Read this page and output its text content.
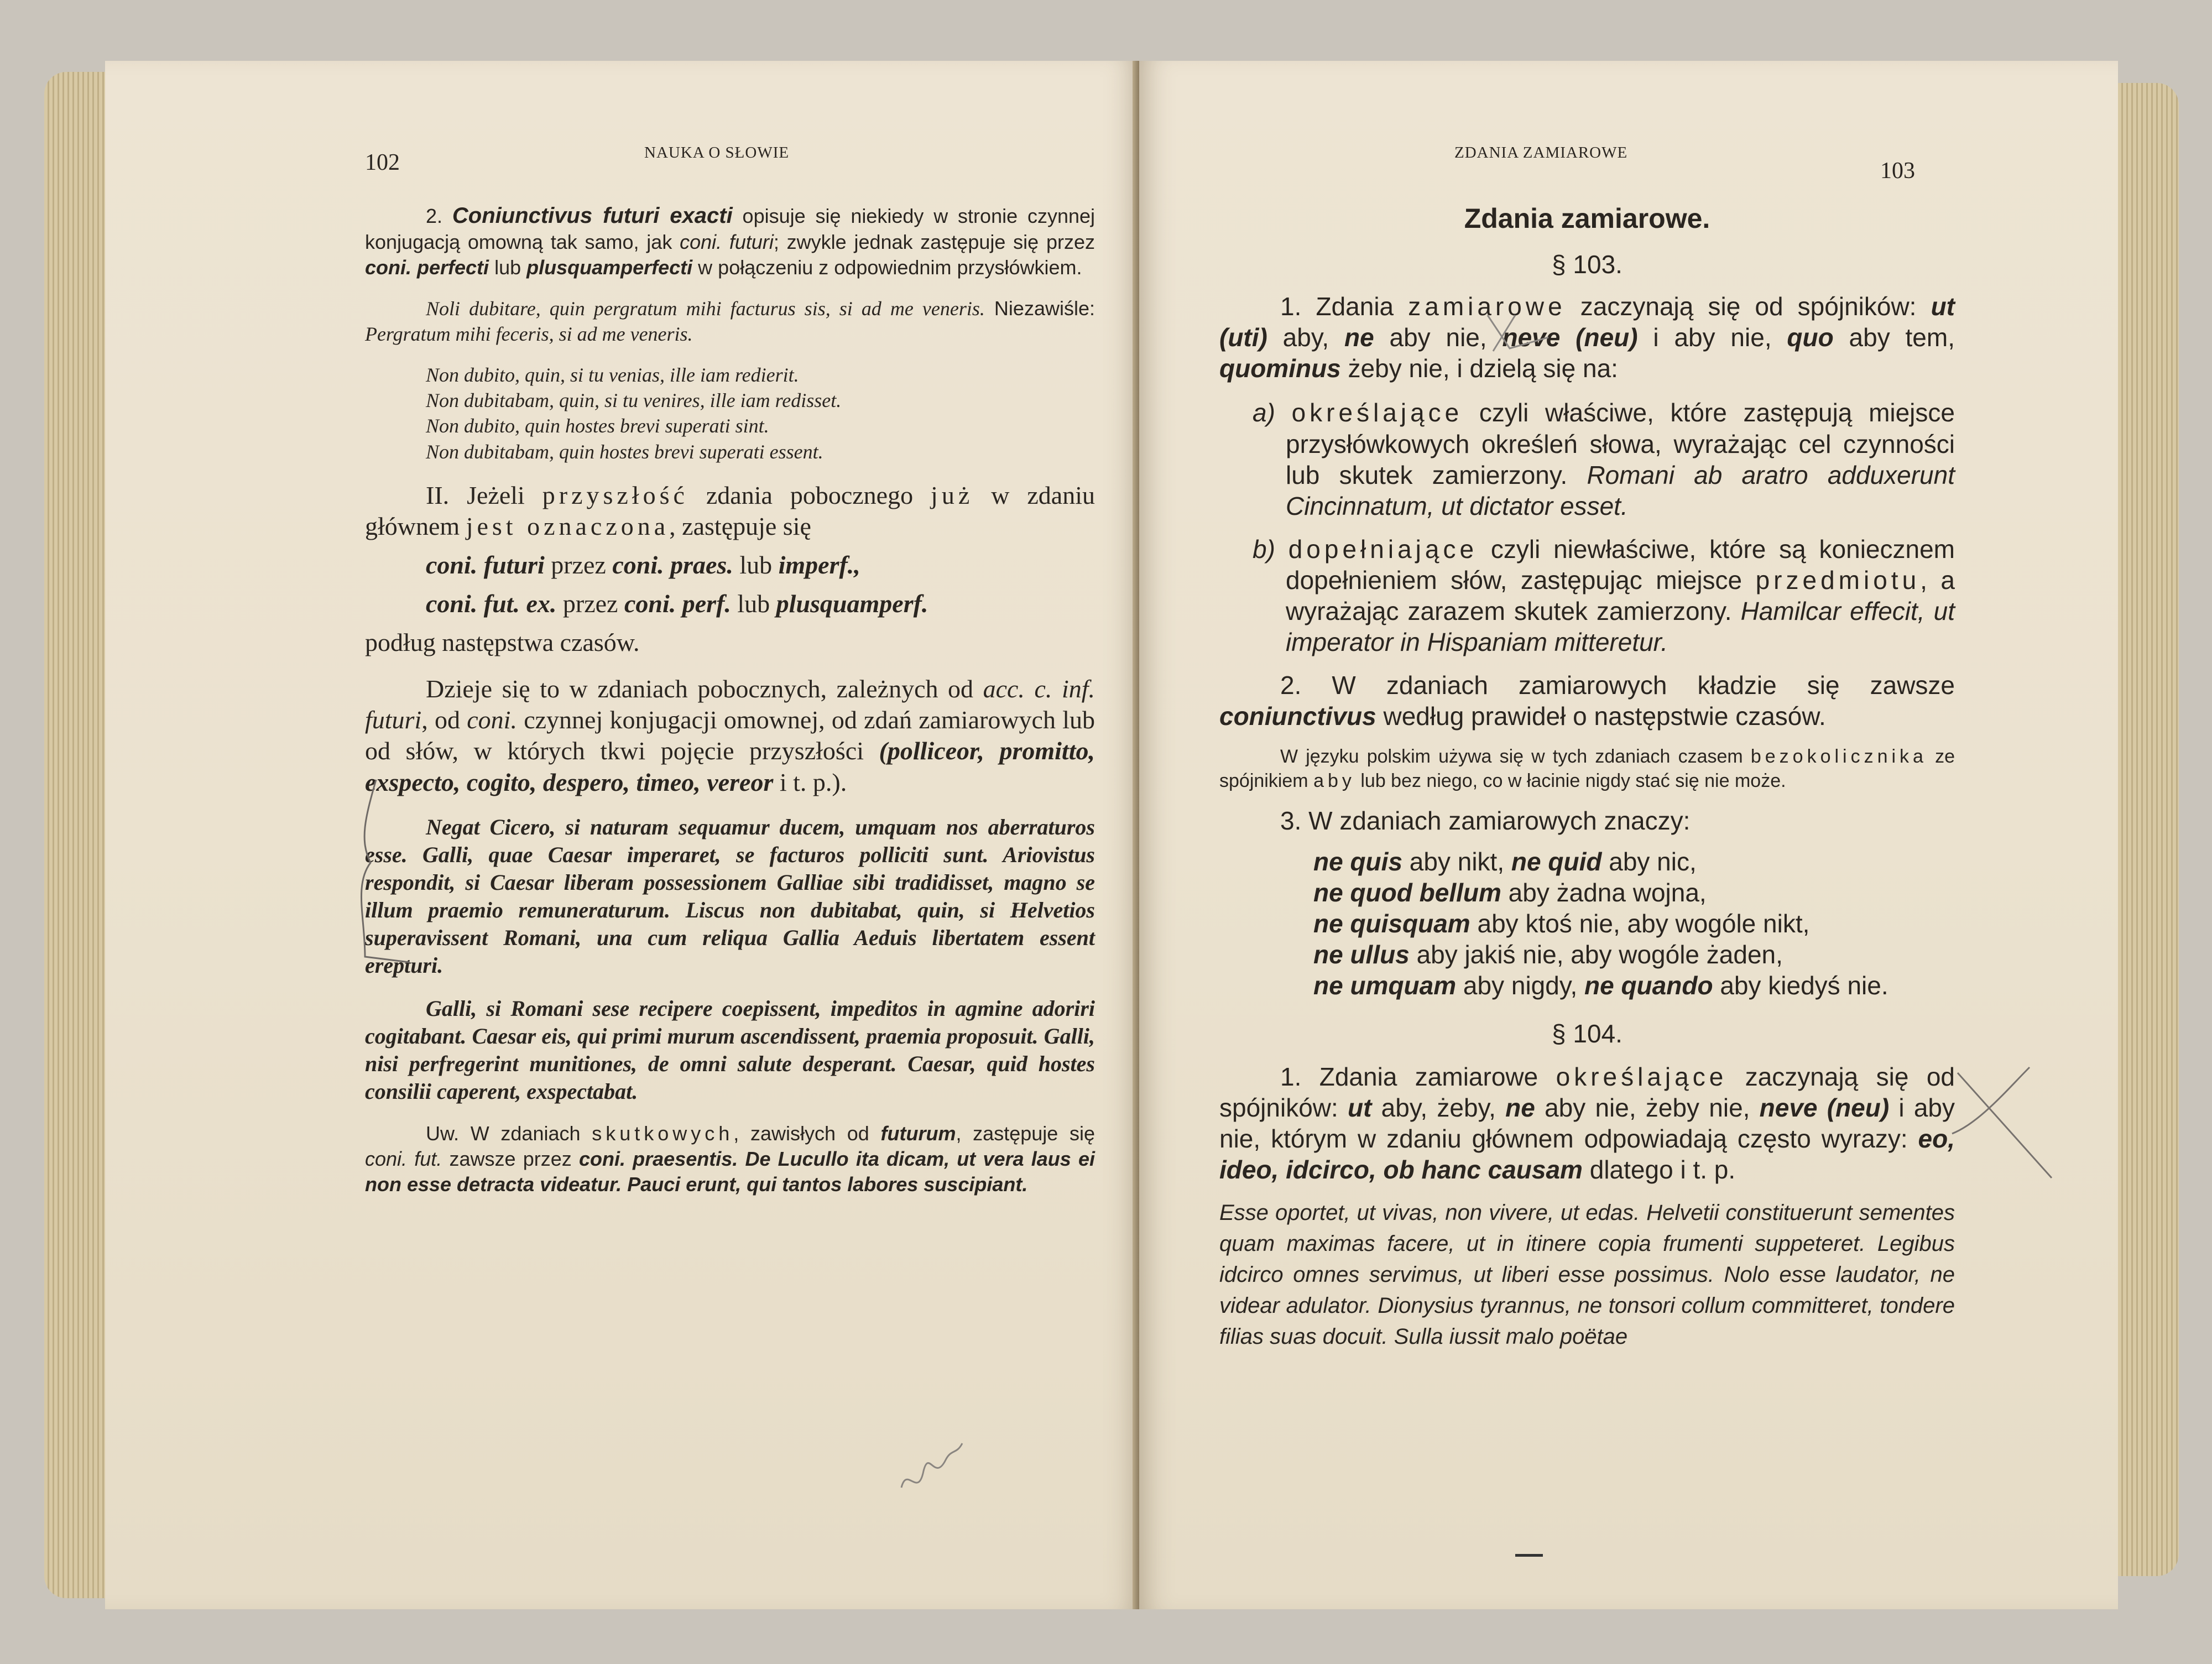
102	NAUKA O SŁOWIE

2. Coniunctivus futuri exacti opisuje się niekiedy w stronie czynnej konjugacją omowną tak samo, jak coni. futuri; zwykle jednak zastępuje się przez coni. perfecti lub plusquamperfecti w połączeniu z odpowiednim przysłówkiem.

Noli dubitare, quin pergratum mihi facturus sis, si ad me veneris. Niezawiśle: Pergratum mihi feceris, si ad me veneris.

Non dubito, quin, si tu venias, ille iam redierit.

Non dubitabam, quin, si tu venires, ille iam redisset.

Non dubito, quin hostes brevi superati sint.

Non dubitabam, quin hostes brevi superati essent.

II. Jeżeli przyszłość zdania pobocznego już w zdaniu głównem jest oznaczona, zastępuje się

coni. futuri przez coni. praes. lub imperf.,

coni. fut. ex. przez coni. perf. lub plusquamperf.

podług następstwa czasów.

Dzieje się to w zdaniach pobocznych, zależnych od acc. c. inf. futuri, od coni. czynnej konjugacji omownej, od zdań zamiarowych lub od słów, w których tkwi pojęcie przyszłości (polliceor, promitto, exspecto, cogito, despero, timeo, vereor i t. p.).

Negat Cicero, si naturam sequamur ducem, umquam nos aberraturos esse. Galli, quae Caesar imperaret, se facturos polliciti sunt. Ariovistus respondit, si Caesar liberam possessionem Galliae sibi tradidisset, magno se illum praemio remuneraturum. Liscus non dubitabat, quin, si Helvetios superavissent Romani, una cum reliqua Gallia Aeduis libertatem essent erepturi.

Galli, si Romani sese recipere coepissent, impeditos in agmine adoriri cogitabant. Caesar eis, qui primi murum ascendissent, praemia proposuit. Galli, nisi perfregerint munitiones, de omni salute desperant. Caesar, quid hostes consilii caperent, exspectabat.

Uw. W zdaniach skutkowych, zawisłych od futurum, zastępuje się coni. fut. zawsze przez coni. praesentis. De Lucullo ita dicam, ut vera laus ei non esse detracta videatur. Pauci erunt, qui tantos labores suscipiant.

ZDANIA ZAMIAROWE
103

Zdania zamiarowe.

§ 103.

1. Zdania zamiarowe zaczynają się od spójników: ut (uti) aby, ne aby nie, neve (neu) i aby nie, quo aby tem, quominus żeby nie, i dzielą się na:

a) określające czyli właściwe, które zastępują miejsce przysłówkowych określeń słowa, wyrażając cel czynności lub skutek zamierzony. Romani ab aratro adduxerunt Cincinnatum, ut dictator esset.

b) dopełniające czyli niewłaściwe, które są koniecznem dopełnieniem słów, zastępując miejsce przedmiotu, a wyrażając zarazem skutek zamierzony. Hamilcar effecit, ut imperator in Hispaniam mitteretur.

2. W zdaniach zamiarowych kładzie się zawsze coniunctivus według prawideł o następstwie czasów.

W języku polskim używa się w tych zdaniach czasem bezokolicznika ze spójnikiem aby lub bez niego, co w łacinie nigdy stać się nie może.

3. W zdaniach zamiarowych znaczy:

ne quis aby nikt, ne quid aby nic,

ne quod bellum aby żadna wojna,

ne quisquam aby ktoś nie, aby wogóle nikt,

ne ullus aby jakiś nie, aby wogóle żaden,

ne umquam aby nigdy, ne quando aby kiedyś nie.

§ 104.

1. Zdania zamiarowe określające zaczynają się od spójników: ut aby, żeby, ne aby nie, żeby nie, neve (neu) i aby nie, którym w zdaniu głównem odpowiadają często wyrazy: eo, ideo, idcirco, ob hanc causam dlatego i t. p.

Esse oportet, ut vivas, non vivere, ut edas. Helvetii constituerunt sementes quam maximas facere, ut in itinere copia frumenti suppeteret. Legibus idcirco omnes servimus, ut liberi esse possimus. Nolo esse laudator, ne videar adulator. Dionysius tyrannus, ne tonsori collum committeret, tondere filias suas docuit. Sulla iussit malo poëtae
